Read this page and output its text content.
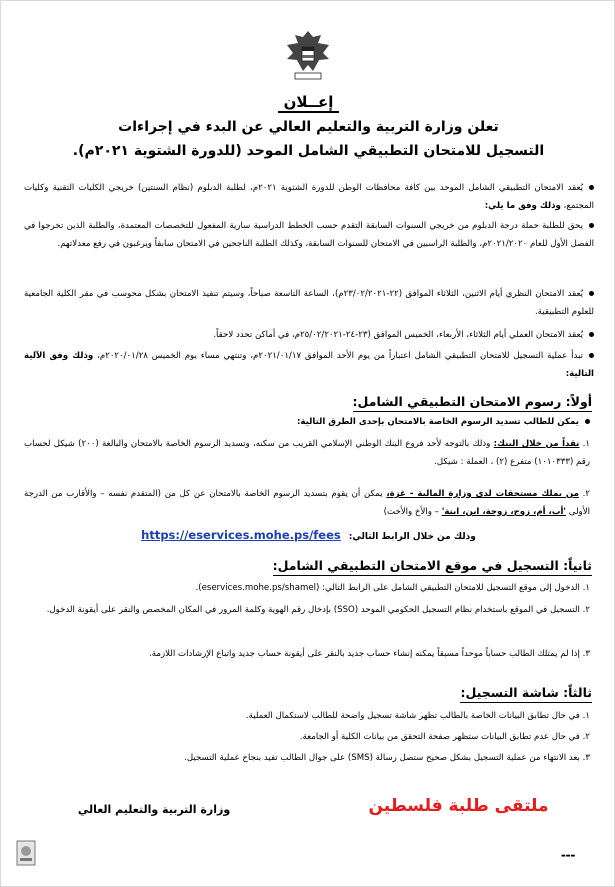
إعــلان
تعلن وزارة التربية والتعليم العالي عن البدء في إجراءات
التسجيل للامتحان التطبيقي الشامل الموحد (للدورة الشتوية ٢٠٢١م).
يُعقد الامتحان التطبيقي الشامل الموحد بين كافة محافظات الوطن للدورة الشتوية ٢٠٢١م، لطلبة الدبلوم (نظام السنتين) خريجي الكليات التقنية وكليات المجتمع، وذلك وفق ما يلي:
يحق للطلبة حملة درجة الدبلوم من خريجي السنوات السابقة التقدم حسب الخطط الدراسية سارية المفعول للتخصصات المعتمدة، والطلبة الذين تخرجوا في الفصل الأول للعام ٢٠٢١/٢٠٢٠م، والطلبة الراسبين في الامتحان للسنوات السابقة، وكذلك الطلبة الناجحين في الامتحان سابقاً ويرغبون في رفع معدلاتهم.
يُعقد الامتحان النظري أيام الاثنين، الثلاثاء الموافق (٢٢-٢٣/٠٢/٢٠٢١م)، الساعة التاسعة صباحاً، وسيتم تنفيذ الامتحان بشكل محوسب في مقر الكلية الجامعية للعلوم التطبيقية.
يُعقد الامتحان العملي أيام الثلاثاء، الأربعاء، الخميس الموافق (٢٣-٢٤-٢٥/٠٢/٢٠٢١م، في أماكن تحدد لاحقاً.
تبدأ عملية التسجيل للامتحان التطبيقي الشامل اعتباراً من يوم الأحد الموافق ٢٠٢١/٠١/١٧م، وتنتهي مساء يوم الخميس ٢٠٢٠/٠١/٢٨م، وذلك وفق الآلية التالية:
أولاً: رسوم الامتحان التطبيقي الشامل:
يمكن للطالب تسديد الرسوم الخاصة بالامتحان بإحدى الطرق التالية:
١. نقداً من خلال البنك: وذلك بالتوجه لأحد فروع البنك الوطني الإسلامي القريب من سكنه، وتسديد الرسوم الخاصة بالامتحان والبالغة (٢٠٠) شيكل لحساب رقم (١٠١٠٣٣٣) متفرع (٢) ، العملة : شيكل.
٢. من يملك مستحقات لدى وزارة المالية - غزة، يمكن أن يقوم بتسديد الرسوم الخاصة بالامتحان عن كل من (المتقدم نفسه – والأقارب من الدرجة الأولى 'أب، أم، زوج، زوجة، ابن، ابنة' – والأخ والأخت)
وذلك من خلال الرابط التالي:  https://eservices.mohe.ps/fees
ثانياً: التسجيل في موقع الامتحان التطبيقي الشامل:
١. الدخول إلى موقع التسجيل للامتحان التطبيقي الشامل على الرابط التالي: (eservices.mohe.ps/shamel).
٢. التسجيل في الموقع باستخدام نظام التسجيل الحكومي الموحد (SSO) بإدخال رقم الهوية وكلمة المرور في المكان المخصص والنقر على أيقونة الدخول.
٣. إذا لم يمتلك الطالب حساباً موحداً مسبقاً يمكنه إنشاء حساب جديد بالنقر على أيقونة حساب جديد واتباع الإرشادات اللازمة.
ثالثاً: شاشة التسجيل:
١. في حال تطابق البيانات الخاصة بالطالب تظهر شاشة تسجيل واضحة للطالب لاستكمال العملية.
٢. في حال عدم تطابق البيانات ستظهر صفحة التحقق من بيانات الكلية أو الجامعة.
٣. بعد الانتهاء من عملية التسجيل بشكل صحيح ستصل رسالة (SMS) على جوال الطالب تفيد بنجاح عملية التسجيل.
ملتقى طلبة فلسطين
وزارة التربية والتعليم العالي
▬▬▬
